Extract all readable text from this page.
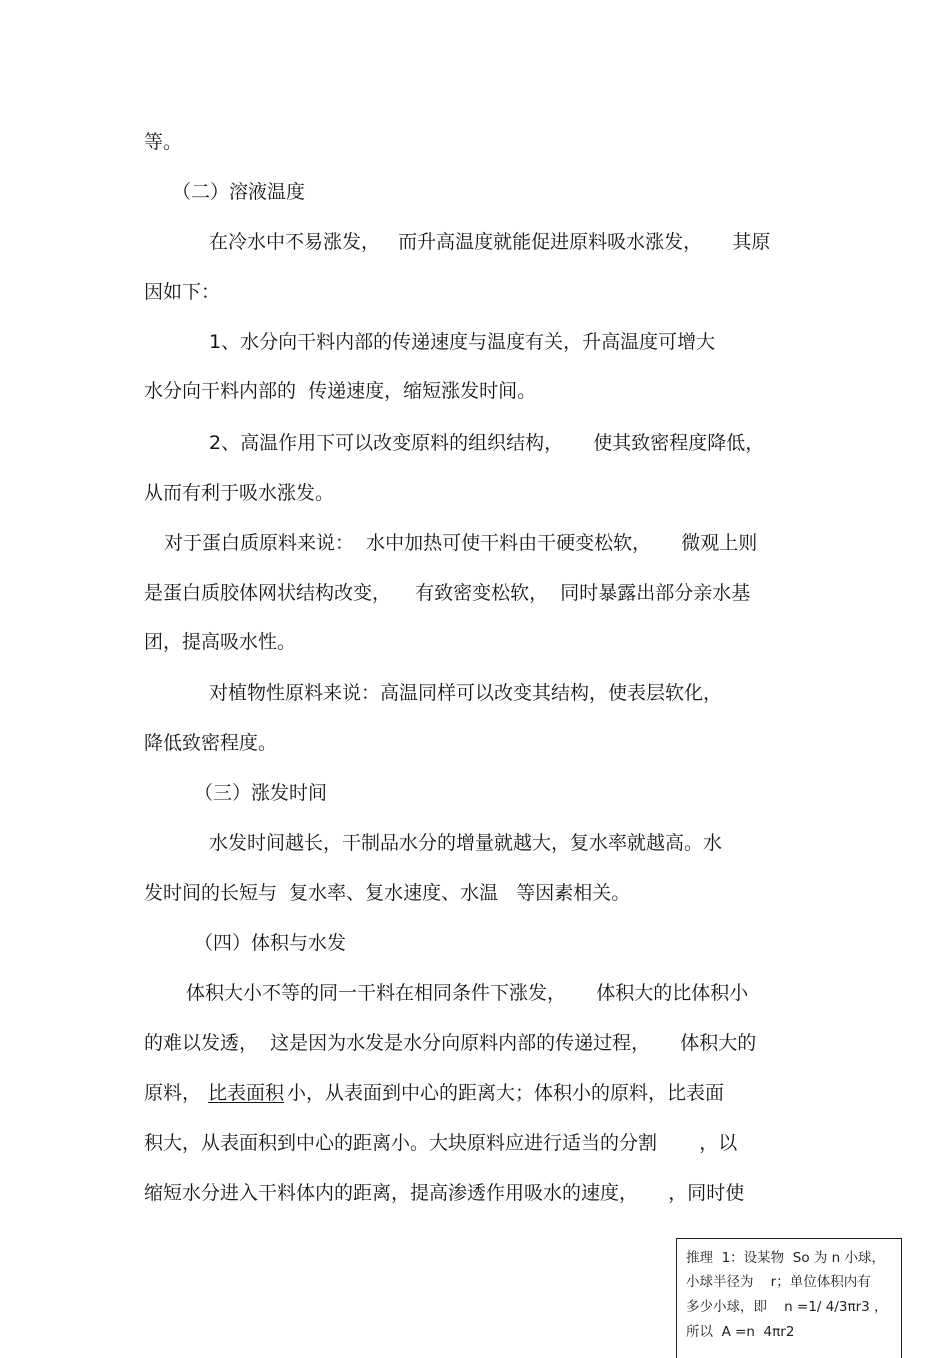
等。
（二）溶液温度
在冷水中不易涨发，   而升高温度就能促进原料吸水涨发，     其原
因如下：
1、水分向干料内部的传递速度与温度有关，升高温度可增大
水分向干料内部的  传递速度，缩短涨发时间。
2、高温作用下可以改变原料的组织结构，     使其致密程度降低，
从而有利于吸水涨发。
对于蛋白质原料来说：  水中加热可使干料由干硬变松软，     微观上则
是蛋白质胶体网状结构改变，    有致密变松软，  同时暴露出部分亲水基
团，提高吸水性。
对植物性原料来说：高温同样可以改变其结构，使表层软化，
降低致密程度。
（三）涨发时间
水发时间越长，干制品水分的增量就越大，复水率就越高。水
发时间的长短与  复水率、复水速度、水温   等因素相关。
（四）体积与水发
体积大小不等的同一干料在相同条件下涨发，     体积大的比体积小
的难以发透，  这是因为水发是水分向原料内部的传递过程，     体积大的
原料， 比表面积 小，从表面到中心的距离大；体积小的原料，比表面
积大，从表面积到中心的距离小。大块原料应进行适当的分割       ，以
缩短水分进入干料体内的距离，提高渗透作用吸水的速度，     ，同时使
推理  1：设某物  So 为 n 小球，
小球半径为    r；单位体积内有
多少小球，即    n =1/ 4/3πr3 ，
所以  A =n  4πr2
